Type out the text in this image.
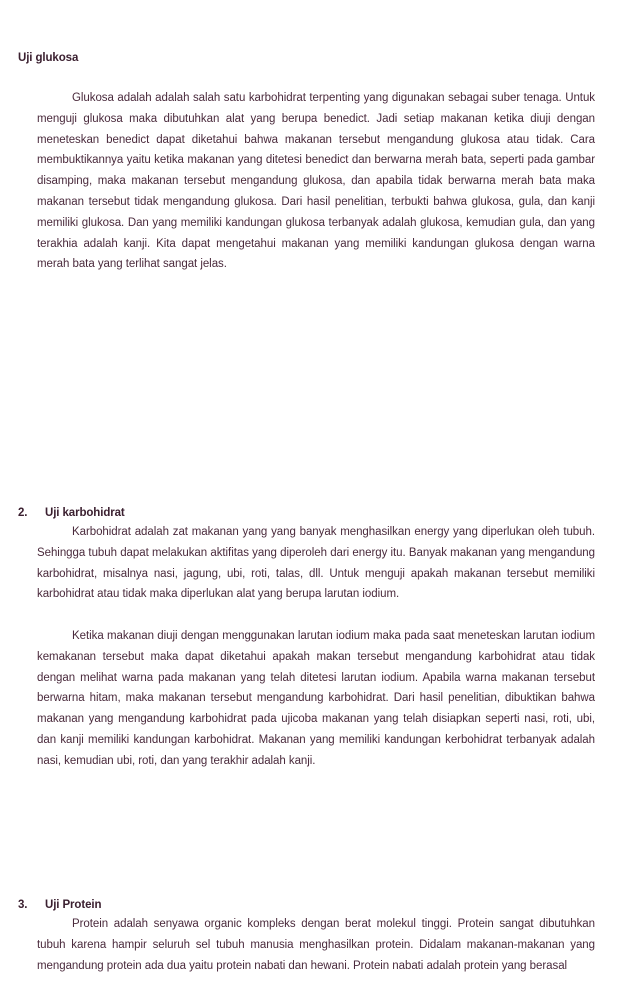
Uji glukosa

Glukosa adalah adalah salah satu karbohidrat terpenting yang digunakan sebagai suber tenaga. Untuk menguji glukosa maka dibutuhkan alat yang berupa benedict. Jadi setiap makanan ketika diuji dengan meneteskan benedict dapat diketahui bahwa makanan tersebut mengandung glukosa atau tidak. Cara membuktikannya yaitu ketika makanan yang ditetesi benedict dan berwarna merah bata, seperti pada gambar disamping, maka makanan tersebut mengandung glukosa, dan apabila tidak berwarna merah bata maka makanan tersebut tidak mengandung glukosa. Dari hasil penelitian, terbukti bahwa glukosa, gula, dan kanji memiliki glukosa. Dan yang memiliki kandungan glukosa terbanyak adalah glukosa, kemudian gula, dan yang terakhia adalah kanji. Kita dapat mengetahui makanan yang memiliki kandungan glukosa dengan warna merah bata yang terlihat sangat jelas.

2. Uji karbohidrat

Karbohidrat adalah zat makanan yang yang banyak menghasilkan energy yang diperlukan oleh tubuh. Sehingga tubuh dapat melakukan aktifitas yang diperoleh dari energy itu. Banyak makanan yang mengandung karbohidrat, misalnya nasi, jagung, ubi, roti, talas, dll. Untuk menguji apakah makanan tersebut memiliki karbohidrat atau tidak maka diperlukan alat yang berupa larutan iodium.

Ketika makanan diuji dengan menggunakan larutan iodium maka pada saat meneteskan larutan iodium kemakanan tersebut maka dapat diketahui apakah makan tersebut mengandung karbohidrat atau tidak dengan melihat warna pada makanan yang telah ditetesi larutan iodium. Apabila warna makanan tersebut berwarna hitam, maka makanan tersebut mengandung karbohidrat. Dari hasil penelitian, dibuktikan bahwa makanan yang mengandung karbohidrat pada ujicoba makanan yang telah disiapkan seperti nasi, roti, ubi, dan kanji memiliki kandungan karbohidrat. Makanan yang memiliki kandungan kerbohidrat terbanyak adalah nasi, kemudian ubi, roti, dan yang terakhir adalah kanji.

3. Uji Protein

Protein adalah senyawa organic kompleks dengan berat molekul tinggi. Protein sangat dibutuhkan tubuh karena hampir seluruh sel tubuh manusia menghasilkan protein. Didalam makanan-makanan yang mengandung protein ada dua yaitu protein nabati dan hewani. Protein nabati adalah protein yang berasal
